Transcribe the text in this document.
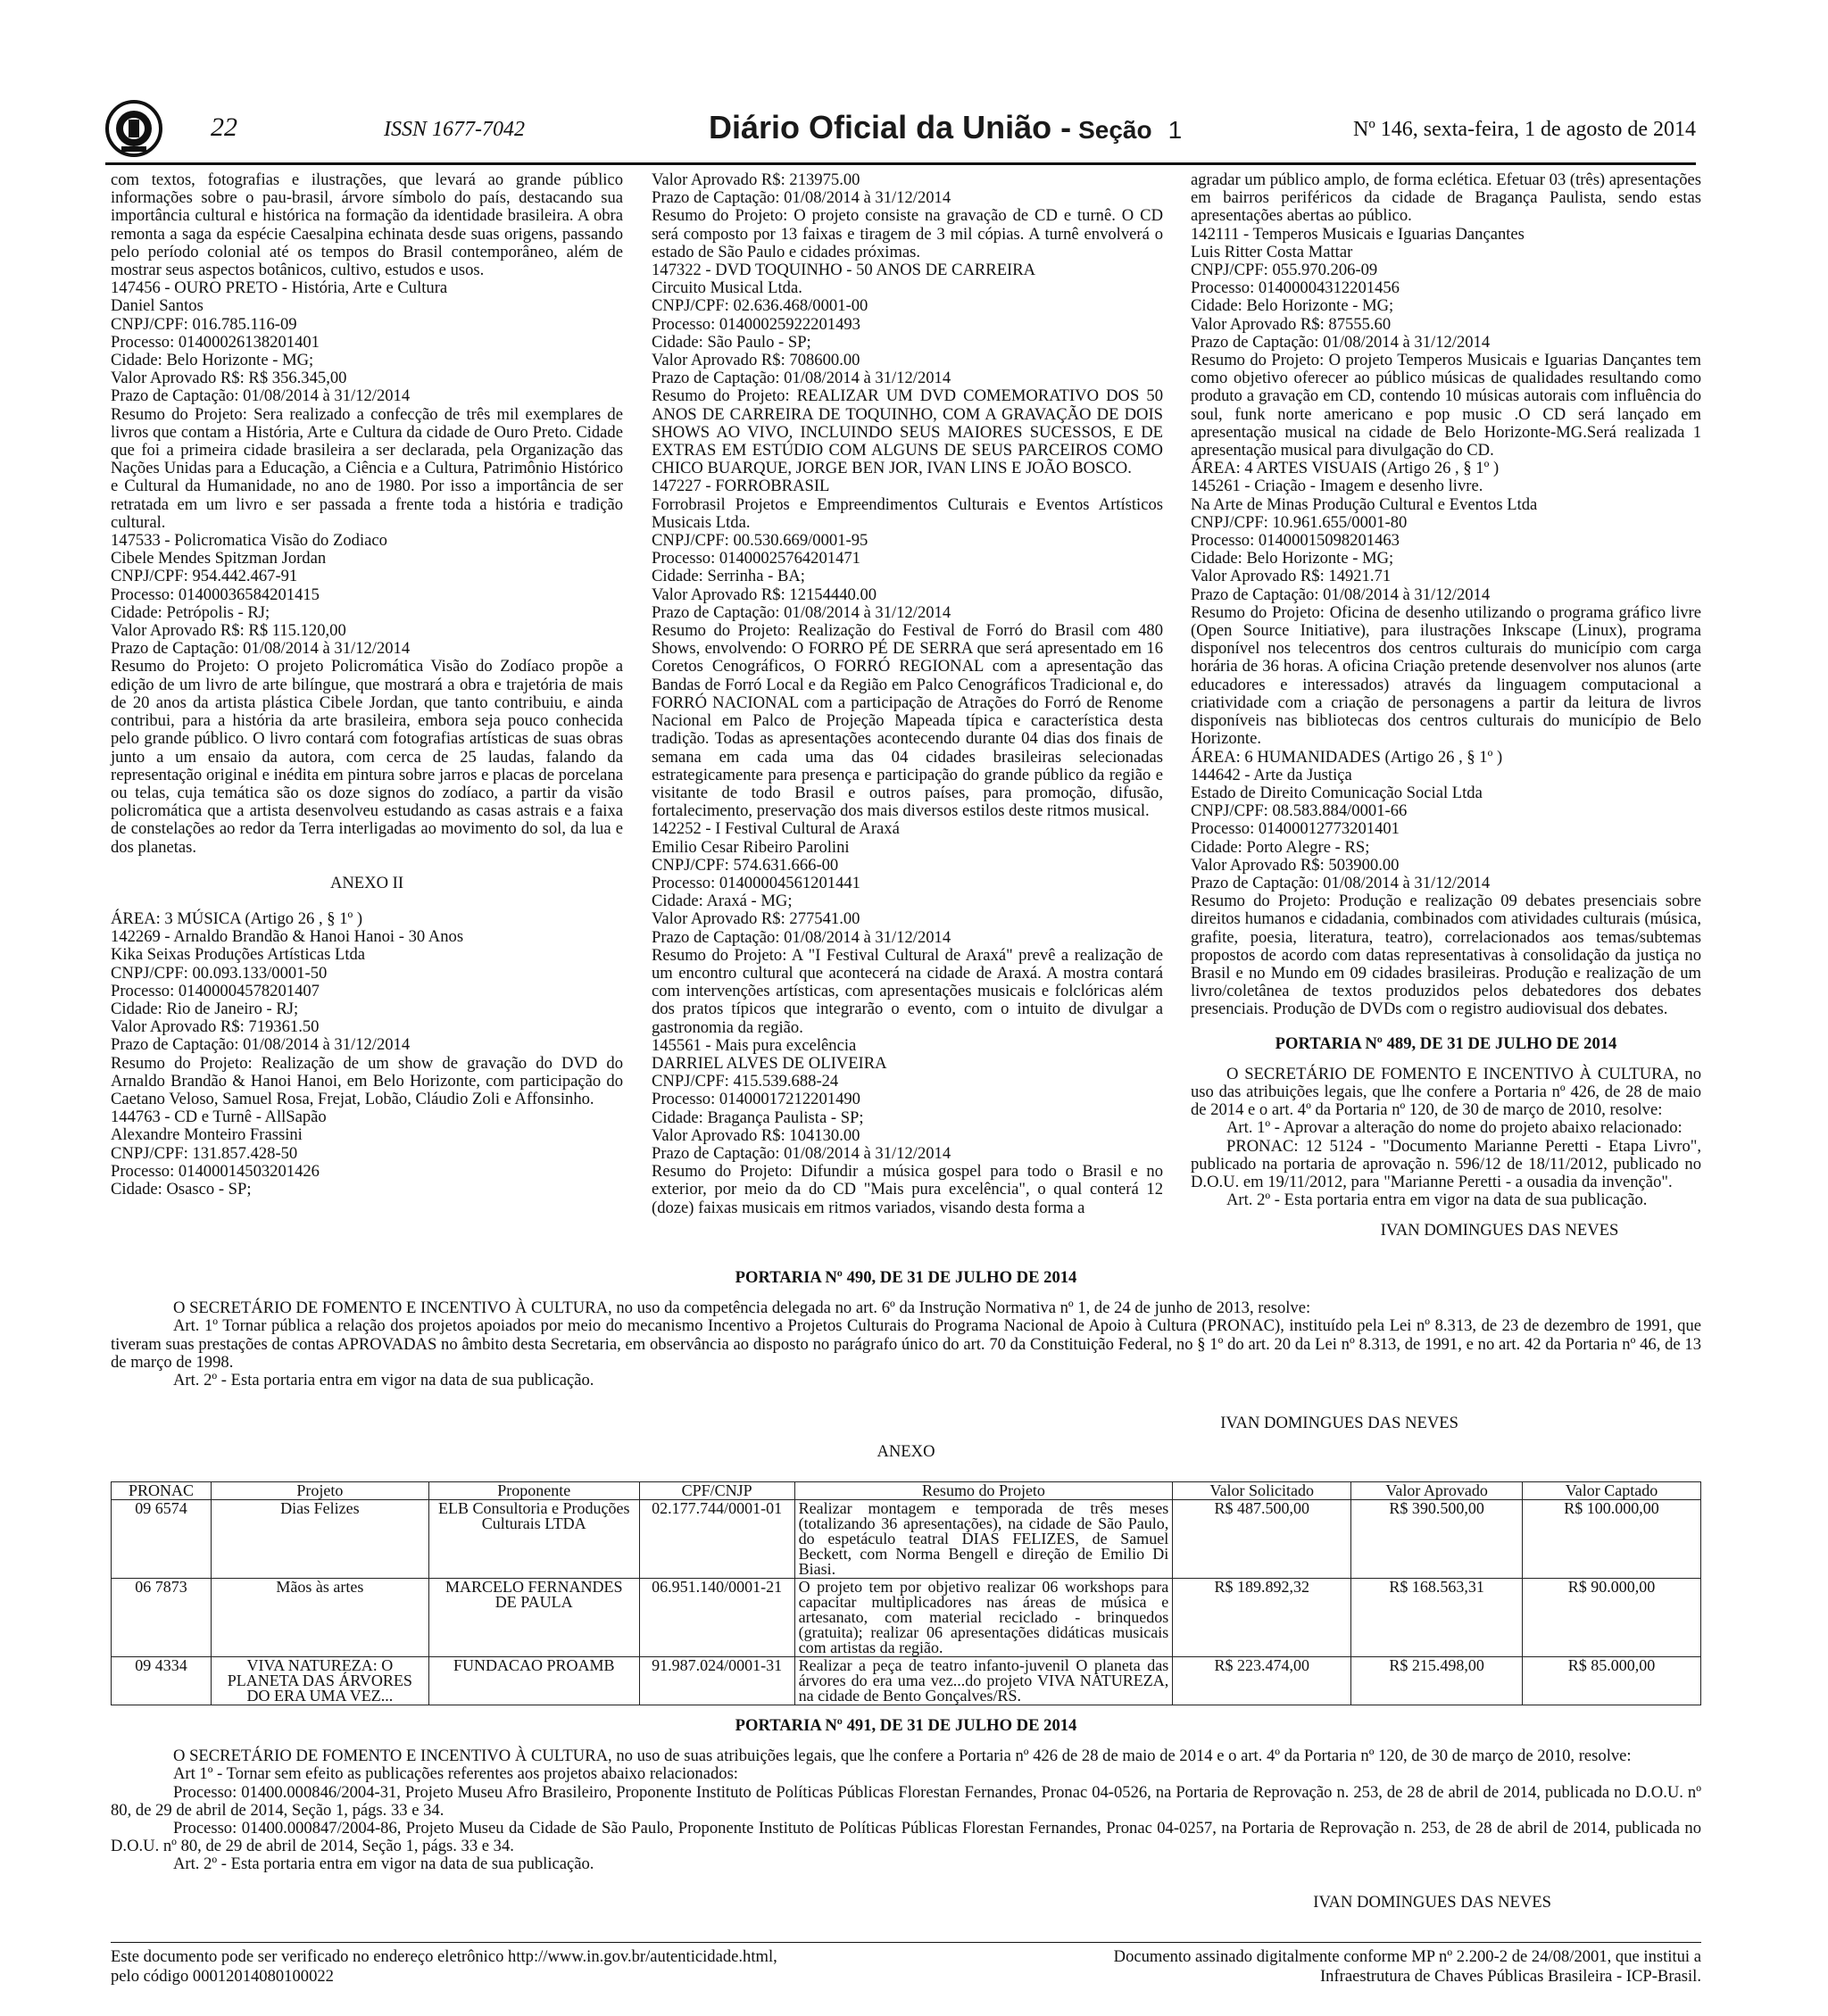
22	ISSN 1677-7042	Diário Oficial da União - Seção 1	Nº 146, sexta-feira, 1 de agosto de 2014

com textos, fotografias e ilustrações, que levará ao grande público informações sobre o pau-brasil, árvore símbolo do país, destacando sua importância cultural e histórica na formação da identidade brasileira. A obra remonta a saga da espécie Caesalpina echinata desde suas origens, passando pelo período colonial até os tempos do Brasil contemporâneo, além de mostrar seus aspectos botânicos, cultivo, estudos e usos.

147456 - OURO PRETO - História, Arte e Cultura

Daniel Santos

CNPJ/CPF: 016.785.116-09

Processo: 01400026138201401

Cidade: Belo Horizonte - MG;

Valor Aprovado R$: R$ 356.345,00

Prazo de Captação: 01/08/2014 à 31/12/2014

Resumo do Projeto: Sera realizado a confecção de três mil exemplares de livros que contam a História, Arte e Cultura da cidade de Ouro Preto. Cidade que foi a primeira cidade brasileira a ser declarada, pela Organização das Nações Unidas para a Educação, a Ciência e a Cultura, Patrimônio Histórico e Cultural da Humanidade, no ano de 1980. Por isso a importância de ser retratada em um livro e ser passada a frente toda a história e tradição cultural.

147533 - Policromatica Visão do Zodiaco

Cibele Mendes Spitzman Jordan

CNPJ/CPF: 954.442.467-91

Processo: 01400036584201415

Cidade: Petrópolis - RJ;

Valor Aprovado R$: R$ 115.120,00

Prazo de Captação: 01/08/2014 à 31/12/2014

Resumo do Projeto: O projeto Policromática Visão do Zodíaco propõe a edição de um livro de arte bilíngue, que mostrará a obra e trajetória de mais de 20 anos da artista plástica Cibele Jordan, que tanto contribuiu, e ainda contribui, para a história da arte brasileira, embora seja pouco conhecida pelo grande público. O livro contará com fotografias artísticas de suas obras junto a um ensaio da autora, com cerca de 25 laudas, falando da representação original e inédita em pintura sobre jarros e placas de porcelana ou telas, cuja temática são os doze signos do zodíaco, a partir da visão policromática que a artista desenvolveu estudando as casas astrais e a faixa de constelações ao redor da Terra interligadas ao movimento do sol, da lua e dos planetas.

ANEXO II

ÁREA: 3 MÚSICA (Artigo 26 , § 1º )

142269 - Arnaldo Brandão & Hanoi Hanoi - 30 Anos

Kika Seixas Produções Artísticas Ltda

CNPJ/CPF: 00.093.133/0001-50

Processo: 01400004578201407

Cidade: Rio de Janeiro - RJ;

Valor Aprovado R$: 719361.50

Prazo de Captação: 01/08/2014 à 31/12/2014

Resumo do Projeto: Realização de um show de gravação do DVD do Arnaldo Brandão & Hanoi Hanoi, em Belo Horizonte, com participação do Caetano Veloso, Samuel Rosa, Frejat, Lobão, Cláudio Zoli e Affonsinho.

144763 - CD e Turnê - AllSapão

Alexandre Monteiro Frassini

CNPJ/CPF: 131.857.428-50

Processo: 01400014503201426

Cidade: Osasco - SP;

Valor Aprovado R$: 213975.00

Prazo de Captação: 01/08/2014 à 31/12/2014

Resumo do Projeto: O projeto consiste na gravação de CD e turnê. O CD será composto por 13 faixas e tiragem de 3 mil cópias. A turnê envolverá o estado de São Paulo e cidades próximas.

147322 - DVD TOQUINHO - 50 ANOS DE CARREIRA

Circuito Musical Ltda.

CNPJ/CPF: 02.636.468/0001-00

Processo: 01400025922201493

Cidade: São Paulo - SP;

Valor Aprovado R$: 708600.00

Prazo de Captação: 01/08/2014 à 31/12/2014

Resumo do Projeto: REALIZAR UM DVD COMEMORATIVO DOS 50 ANOS DE CARREIRA DE TOQUINHO, COM A GRAVAÇÃO DE DOIS SHOWS AO VIVO, INCLUINDO SEUS MAIORES SUCESSOS, E DE EXTRAS EM ESTÚDIO COM ALGUNS DE SEUS PARCEIROS COMO CHICO BUARQUE, JORGE BEN JOR, IVAN LINS E JOÃO BOSCO.

147227 - FORROBRASIL

Forrobrasil Projetos e Empreendimentos Culturais e Eventos Artísticos Musicais Ltda.

CNPJ/CPF: 00.530.669/0001-95

Processo: 01400025764201471

Cidade: Serrinha - BA;

Valor Aprovado R$: 12154440.00

Prazo de Captação: 01/08/2014 à 31/12/2014

Resumo do Projeto: Realização do Festival de Forró do Brasil com 480 Shows, envolvendo: O FORRO PÉ DE SERRA que será apresentado em 16 Coretos Cenográficos, O FORRÓ REGIONAL com a apresentação das Bandas de Forró Local e da Região em Palco Cenográficos Tradicional e, do FORRÓ NACIONAL com a participação de Atrações do Forró de Renome Nacional em Palco de Projeção Mapeada típica e característica desta tradição. Todas as apresentações acontecendo durante 04 dias dos finais de semana em cada uma das 04 cidades brasileiras selecionadas estrategicamente para presença e participação do grande público da região e visitante de todo Brasil e outros países, para promoção, difusão, fortalecimento, preservação dos mais diversos estilos deste ritmos musical.

142252 - I Festival Cultural de Araxá

Emilio Cesar Ribeiro Parolini

CNPJ/CPF: 574.631.666-00

Processo: 01400004561201441

Cidade: Araxá - MG;

Valor Aprovado R$: 277541.00

Prazo de Captação: 01/08/2014 à 31/12/2014

Resumo do Projeto: A "I Festival Cultural de Araxá" prevê a realização de um encontro cultural que acontecerá na cidade de Araxá. A mostra contará com intervenções artísticas, com apresentações musicais e folclóricas além dos pratos típicos que integrarão o evento, com o intuito de divulgar a gastronomia da região.

145561 - Mais pura excelência

DARRIEL ALVES DE OLIVEIRA

CNPJ/CPF: 415.539.688-24

Processo: 01400017212201490

Cidade: Bragança Paulista - SP;

Valor Aprovado R$: 104130.00

Prazo de Captação: 01/08/2014 à 31/12/2014

Resumo do Projeto: Difundir a música gospel para todo o Brasil e no exterior, por meio da do CD "Mais pura excelência", o qual conterá 12 (doze) faixas musicais em ritmos variados, visando desta forma a

agradar um público amplo, de forma eclética. Efetuar 03 (três) apresentações em bairros periféricos da cidade de Bragança Paulista, sendo estas apresentações abertas ao público.

142111 - Temperos Musicais e Iguarias Dançantes

Luis Ritter Costa Mattar

CNPJ/CPF: 055.970.206-09

Processo: 01400004312201456

Cidade: Belo Horizonte - MG;

Valor Aprovado R$: 87555.60

Prazo de Captação: 01/08/2014 à 31/12/2014

Resumo do Projeto: O projeto Temperos Musicais e Iguarias Dançantes tem como objetivo oferecer ao público músicas de qualidades resultando como produto a gravação em CD, contendo 10 músicas autorais com influência do soul, funk norte americano e pop music .O CD será lançado em apresentação musical na cidade de Belo Horizonte-MG.Será realizada 1 apresentação musical para divulgação do CD.

ÁREA: 4 ARTES VISUAIS (Artigo 26 , § 1º )

145261 - Criação - Imagem e desenho livre.

Na Arte de Minas Produção Cultural e Eventos Ltda

CNPJ/CPF: 10.961.655/0001-80

Processo: 01400015098201463

Cidade: Belo Horizonte - MG;

Valor Aprovado R$: 14921.71

Prazo de Captação: 01/08/2014 à 31/12/2014

Resumo do Projeto: Oficina de desenho utilizando o programa gráfico livre (Open Source Initiative), para ilustrações Inkscape (Linux), programa disponível nos telecentros dos centros culturais do município com carga horária de 36 horas. A oficina Criação pretende desenvolver nos alunos (arte educadores e interessados) através da linguagem computacional a criatividade com a criação de personagens a partir da leitura de livros disponíveis nas bibliotecas dos centros culturais do município de Belo Horizonte.

ÁREA: 6 HUMANIDADES (Artigo 26 , § 1º )

144642 - Arte da Justiça

Estado de Direito Comunicação Social Ltda

CNPJ/CPF: 08.583.884/0001-66

Processo: 01400012773201401

Cidade: Porto Alegre - RS;

Valor Aprovado R$: 503900.00

Prazo de Captação: 01/08/2014 à 31/12/2014

Resumo do Projeto: Produção e realização 09 debates presenciais sobre direitos humanos e cidadania, combinados com atividades culturais (música, grafite, poesia, literatura, teatro), correlacionados aos temas/subtemas propostos de acordo com datas representativas à consolidação da justiça no Brasil e no Mundo em 09 cidades brasileiras. Produção e realização de um livro/coletânea de textos produzidos pelos debatedores dos debates presenciais. Produção de DVDs com o registro audiovisual dos debates.

PORTARIA Nº 489, DE 31 DE JULHO DE 2014

O SECRETÁRIO DE FOMENTO E INCENTIVO À CULTURA, no uso das atribuições legais, que lhe confere a Portaria nº 426, de 28 de maio de 2014 e o art. 4º da Portaria nº 120, de 30 de março de 2010, resolve:

Art. 1º - Aprovar a alteração do nome do projeto abaixo relacionado:

PRONAC: 12 5124 - "Documento Marianne Peretti - Etapa Livro", publicado na portaria de aprovação n. 596/12 de 18/11/2012, publicado no D.O.U. em 19/11/2012, para "Marianne Peretti - a ousadia da invenção".

Art. 2º - Esta portaria entra em vigor na data de sua publicação.

IVAN DOMINGUES DAS NEVES

PORTARIA Nº 490, DE 31 DE JULHO DE 2014

O SECRETÁRIO DE FOMENTO E INCENTIVO À CULTURA, no uso da competência delegada no art. 6º da Instrução Normativa nº 1, de 24 de junho de 2013, resolve:

Art. 1º Tornar pública a relação dos projetos apoiados por meio do mecanismo Incentivo a Projetos Culturais do Programa Nacional de Apoio à Cultura (PRONAC), instituído pela Lei nº 8.313, de 23 de dezembro de 1991, que tiveram suas prestações de contas APROVADAS no âmbito desta Secretaria, em observância ao disposto no parágrafo único do art. 70 da Constituição Federal, no § 1º do art. 20 da Lei nº 8.313, de 1991, e no art. 42 da Portaria nº 46, de 13 de março de 1998.

Art. 2º - Esta portaria entra em vigor na data de sua publicação.

IVAN DOMINGUES DAS NEVES

ANEXO

PRONAC	Projeto	Proponente	CPF/CNJP	Resumo do Projeto	Valor Solicitado	Valor Aprovado	Valor Captado
09 6574	Dias Felizes	ELB Consultoria e Produções Culturais LTDA	02.177.744/0001-01	Realizar montagem e temporada de três meses (totalizando 36 apresentações), na cidade de São Paulo, do espetáculo teatral DIAS FELIZES, de Samuel Beckett, com Norma Bengell e direção de Emilio Di Biasi.	R$ 487.500,00	R$ 390.500,00	R$ 100.000,00
06 7873	Mãos às artes	MARCELO FERNANDES DE PAULA	06.951.140/0001-21	O projeto tem por objetivo realizar 06 workshops para capacitar multiplicadores nas áreas de música e artesanato, com material reciclado - brinquedos (gratuita); realizar 06 apresentações didáticas musicais com artistas da região.	R$ 189.892,32	R$ 168.563,31	R$ 90.000,00
09 4334	VIVA NATUREZA: O PLANETA DAS ÁRVORES DO ERA UMA VEZ...	FUNDACAO PROAMB	91.987.024/0001-31	Realizar a peça de teatro infanto-juvenil O planeta das árvores do era uma vez...do projeto VIVA NATUREZA, na cidade de Bento Gonçalves/RS.	R$ 223.474,00	R$ 215.498,00	R$ 85.000,00

PORTARIA Nº 491, DE 31 DE JULHO DE 2014

O SECRETÁRIO DE FOMENTO E INCENTIVO À CULTURA, no uso de suas atribuições legais, que lhe confere a Portaria nº 426 de 28 de maio de 2014 e o art. 4º da Portaria nº 120, de 30 de março de 2010, resolve:

Art 1º - Tornar sem efeito as publicações referentes aos projetos abaixo relacionados:

Processo: 01400.000846/2004-31, Projeto Museu Afro Brasileiro, Proponente Instituto de Políticas Públicas Florestan Fernandes, Pronac 04-0526, na Portaria de Reprovação n. 253, de 28 de abril de 2014, publicada no D.O.U. nº 80, de 29 de abril de 2014, Seção 1, págs. 33 e 34.

Processo: 01400.000847/2004-86, Projeto Museu da Cidade de São Paulo, Proponente Instituto de Políticas Públicas Florestan Fernandes, Pronac 04-0257, na Portaria de Reprovação n. 253, de 28 de abril de 2014, publicada no D.O.U. nº 80, de 29 de abril de 2014, Seção 1, págs. 33 e 34.

Art. 2º - Esta portaria entra em vigor na data de sua publicação.

IVAN DOMINGUES DAS NEVES

Este documento pode ser verificado no endereço eletrônico http://www.in.gov.br/autenticidade.html,
pelo código 00012014080100022
Documento assinado digitalmente conforme MP nº 2.200-2 de 24/08/2001, que institui a
Infraestrutura de Chaves Públicas Brasileira - ICP-Brasil.
